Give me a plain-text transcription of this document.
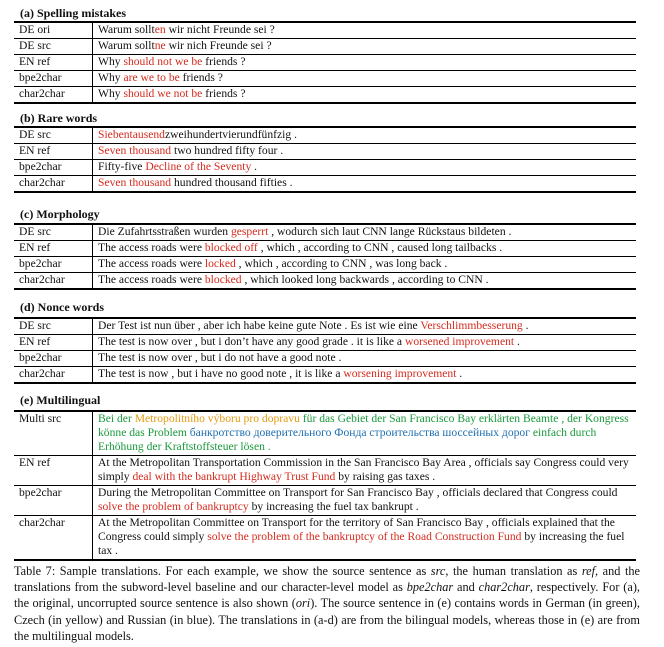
(a) Spelling mistakes
DE ori	Warum sollten wir nicht Freunde sei ?
DE src	Warum solltne wir nich Freunde sei ?
EN ref	Why should not we be friends ?
bpe2char	Why are we to be friends ?
char2char	Why should we not be friends ?
(b) Rare words
DE src	Siebentausendzweihundertvierundfünfzig .
EN ref	Seven thousand two hundred fifty four .
bpe2char	Fifty-five Decline of the Seventy .
char2char	Seven thousand hundred thousand fifties .
(c) Morphology
DE src	Die Zufahrtsstraßen wurden gesperrt , wodurch sich laut CNN lange Rückstaus bildeten .
EN ref	The access roads were blocked off , which , according to CNN , caused long tailbacks .
bpe2char	The access roads were locked , which , according to CNN , was long back .
char2char	The access roads were blocked , which looked long backwards , according to CNN .
(d) Nonce words
DE src	Der Test ist nun über , aber ich habe keine gute Note . Es ist wie eine Verschlimmbesserung .
EN ref	The test is now over , but i don’t have any good grade . it is like a worsened improvement .
bpe2char	The test is now over , but i do not have a good note .
char2char	The test is now , but i have no good note , it is like a worsening improvement .
(e) Multilingual
Multi src	Bei der Metropolitního výboru pro dopravu für das Gebiet der San Francisco Bay erklärten Beamte , der Kongress könne das Problem банкротство доверительного Фонда строительства шоссейных дорог einfach durch Erhöhung der Kraftstoffsteuer lösen .
EN ref	At the Metropolitan Transportation Commission in the San Francisco Bay Area , officials say Congress could very simply deal with the bankrupt Highway Trust Fund by raising gas taxes .
bpe2char	During the Metropolitan Committee on Transport for San Francisco Bay , officials declared that Congress could solve the problem of bankruptcy by increasing the fuel tax bankrupt .
char2char	At the Metropolitan Committee on Transport for the territory of San Francisco Bay , officials explained that the Congress could simply solve the problem of the bankruptcy of the Road Construction Fund by increasing the fuel tax .
Table 7: Sample translations. For each example, we show the source sentence as src, the human translation as ref, and the translations from the subword-level baseline and our character-level model as bpe2char and char2char, respectively. For (a), the original, uncorrupted source sentence is also shown (ori). The source sentence in (e) contains words in German (in green), Czech (in yellow) and Russian (in blue). The translations in (a-d) are from the bilingual models, whereas those in (e) are from the multilingual models.
